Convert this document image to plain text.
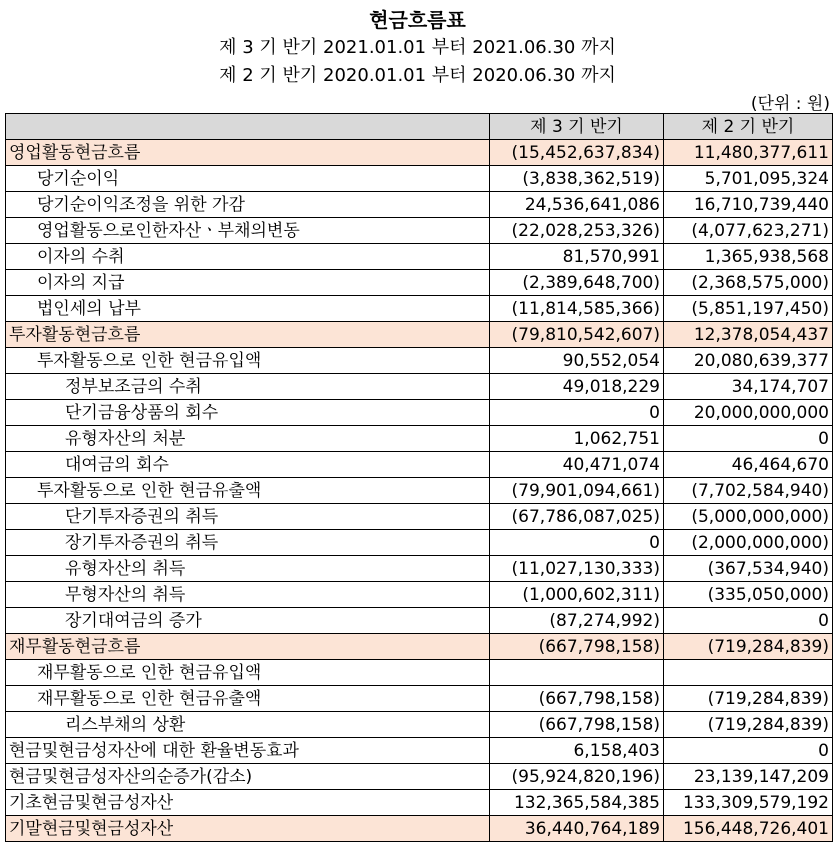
현금흐름표
제 3 기 반기 2021.01.01 부터 2021.06.30 까지
제 2 기 반기 2020.01.01 부터 2020.06.30 까지
(단위 : 원)
	제 3 기 반기	제 2 기 반기
영업활동현금흐름	(15,452,637,834)	11,480,377,611
당기순이익	(3,838,362,519)	5,701,095,324
당기순이익조정을 위한 가감	24,536,641,086	16,710,739,440
영업활동으로인한자산ㆍ부채의변동	(22,028,253,326)	(4,077,623,271)
이자의 수취	81,570,991	1,365,938,568
이자의 지급	(2,389,648,700)	(2,368,575,000)
법인세의 납부	(11,814,585,366)	(5,851,197,450)
투자활동현금흐름	(79,810,542,607)	12,378,054,437
투자활동으로 인한 현금유입액	90,552,054	20,080,639,377
정부보조금의 수취	49,018,229	34,174,707
단기금융상품의 회수	0	20,000,000,000
유형자산의 처분	1,062,751	0
대여금의 회수	40,471,074	46,464,670
투자활동으로 인한 현금유출액	(79,901,094,661)	(7,702,584,940)
단기투자증권의 취득	(67,786,087,025)	(5,000,000,000)
장기투자증권의 취득	0	(2,000,000,000)
유형자산의 취득	(11,027,130,333)	(367,534,940)
무형자산의 취득	(1,000,602,311)	(335,050,000)
장기대여금의 증가	(87,274,992)	0
재무활동현금흐름	(667,798,158)	(719,284,839)
재무활동으로 인한 현금유입액		
재무활동으로 인한 현금유출액	(667,798,158)	(719,284,839)
리스부채의 상환	(667,798,158)	(719,284,839)
현금및현금성자산에 대한 환율변동효과	6,158,403	0
현금및현금성자산의순증가(감소)	(95,924,820,196)	23,139,147,209
기초현금및현금성자산	132,365,584,385	133,309,579,192
기말현금및현금성자산	36,440,764,189	156,448,726,401
